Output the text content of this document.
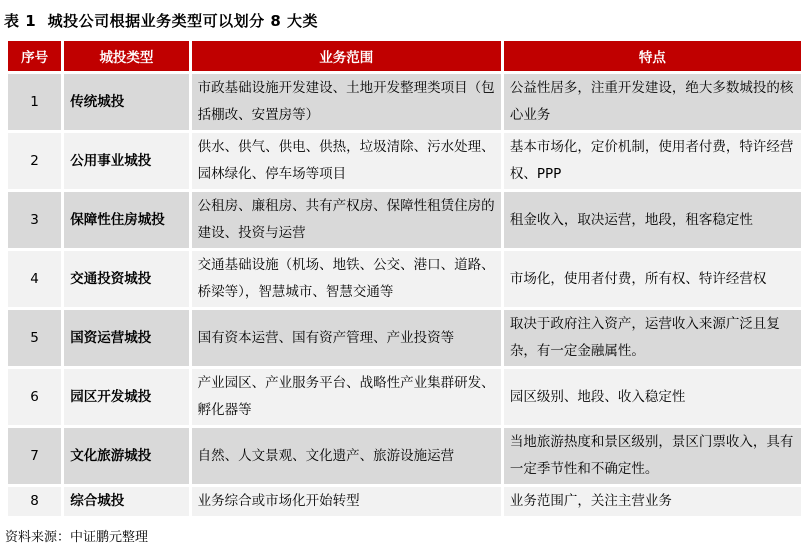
表 1  城投公司根据业务类型可以划分 8 大类
序号	城投类型	业务范围	特点
1	传统城投	市政基础设施开发建设、土地开发整理类项目（包括棚改、安置房等）	公益性居多，注重开发建设，绝大多数城投的核心业务
2	公用事业城投	供水、供气、供电、供热，垃圾清除、污水处理、园林绿化、停车场等项目	基本市场化，定价机制，使用者付费，特许经营权、PPP
3	保障性住房城投	公租房、廉租房、共有产权房、保障性租赁住房的建设、投资与运营	租金收入，取决运营，地段，租客稳定性
4	交通投资城投	交通基础设施（机场、地铁、公交、港口、道路、桥梁等），智慧城市、智慧交通等	市场化，使用者付费，所有权、特许经营权
5	国资运营城投	国有资本运营、国有资产管理、产业投资等	取决于政府注入资产，运营收入来源广泛且复杂，有一定金融属性。
6	园区开发城投	产业园区、产业服务平台、战略性产业集群研发、孵化器等	园区级别、地段、收入稳定性
7	文化旅游城投	自然、人文景观、文化遗产、旅游设施运营	当地旅游热度和景区级别，景区门票收入，具有一定季节性和不确定性。
8	综合城投	业务综合或市场化开始转型	业务范围广，关注主营业务
资料来源：中证鹏元整理
